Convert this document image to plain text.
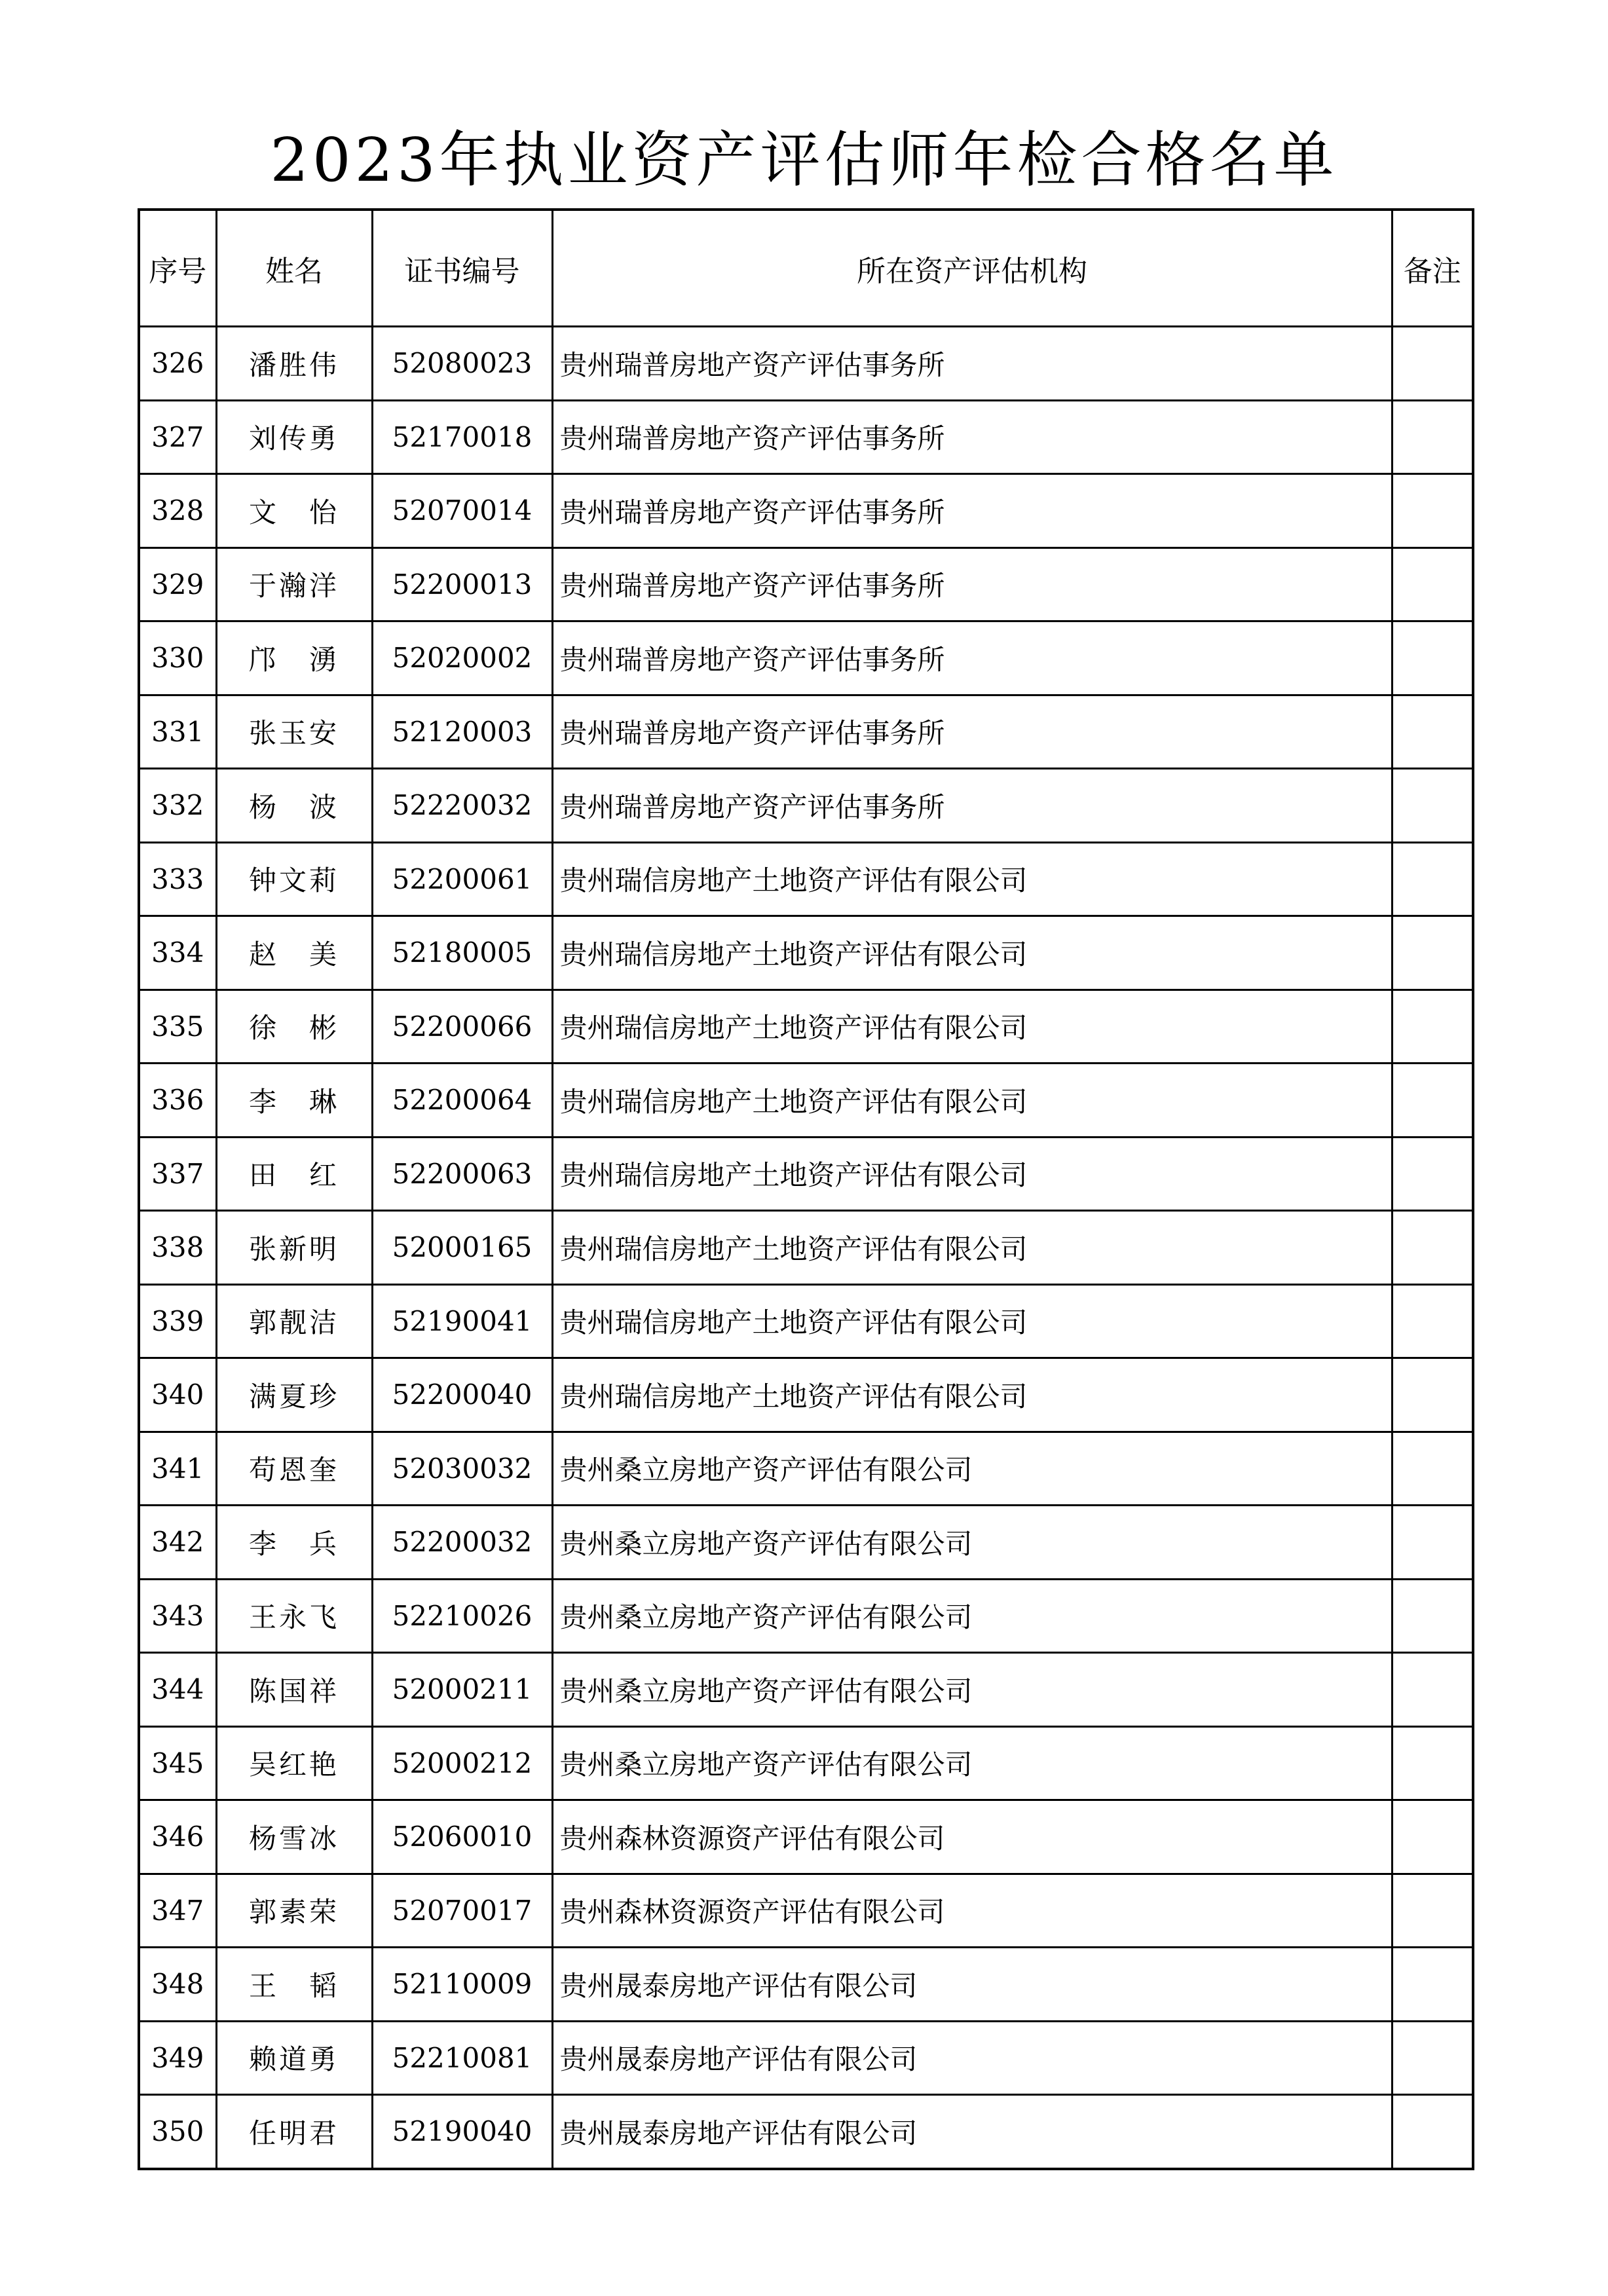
2023年执业资产评估师年检合格名单
序号	姓名	证书编号	所在资产评估机构	备注
326	潘胜伟	52080023	贵州瑞普房地产资产评估事务所	
327	刘传勇	52170018	贵州瑞普房地产资产评估事务所	
328	文　怡	52070014	贵州瑞普房地产资产评估事务所	
329	于瀚洋	52200013	贵州瑞普房地产资产评估事务所	
330	邝　湧	52020002	贵州瑞普房地产资产评估事务所	
331	张玉安	52120003	贵州瑞普房地产资产评估事务所	
332	杨　波	52220032	贵州瑞普房地产资产评估事务所	
333	钟文莉	52200061	贵州瑞信房地产土地资产评估有限公司	
334	赵　美	52180005	贵州瑞信房地产土地资产评估有限公司	
335	徐　彬	52200066	贵州瑞信房地产土地资产评估有限公司	
336	李　琳	52200064	贵州瑞信房地产土地资产评估有限公司	
337	田　红	52200063	贵州瑞信房地产土地资产评估有限公司	
338	张新明	52000165	贵州瑞信房地产土地资产评估有限公司	
339	郭靓洁	52190041	贵州瑞信房地产土地资产评估有限公司	
340	满夏珍	52200040	贵州瑞信房地产土地资产评估有限公司	
341	苟恩奎	52030032	贵州桑立房地产资产评估有限公司	
342	李　兵	52200032	贵州桑立房地产资产评估有限公司	
343	王永飞	52210026	贵州桑立房地产资产评估有限公司	
344	陈国祥	52000211	贵州桑立房地产资产评估有限公司	
345	吴红艳	52000212	贵州桑立房地产资产评估有限公司	
346	杨雪冰	52060010	贵州森林资源资产评估有限公司	
347	郭素荣	52070017	贵州森林资源资产评估有限公司	
348	王　韬	52110009	贵州晟泰房地产评估有限公司	
349	赖道勇	52210081	贵州晟泰房地产评估有限公司	
350	任明君	52190040	贵州晟泰房地产评估有限公司	
